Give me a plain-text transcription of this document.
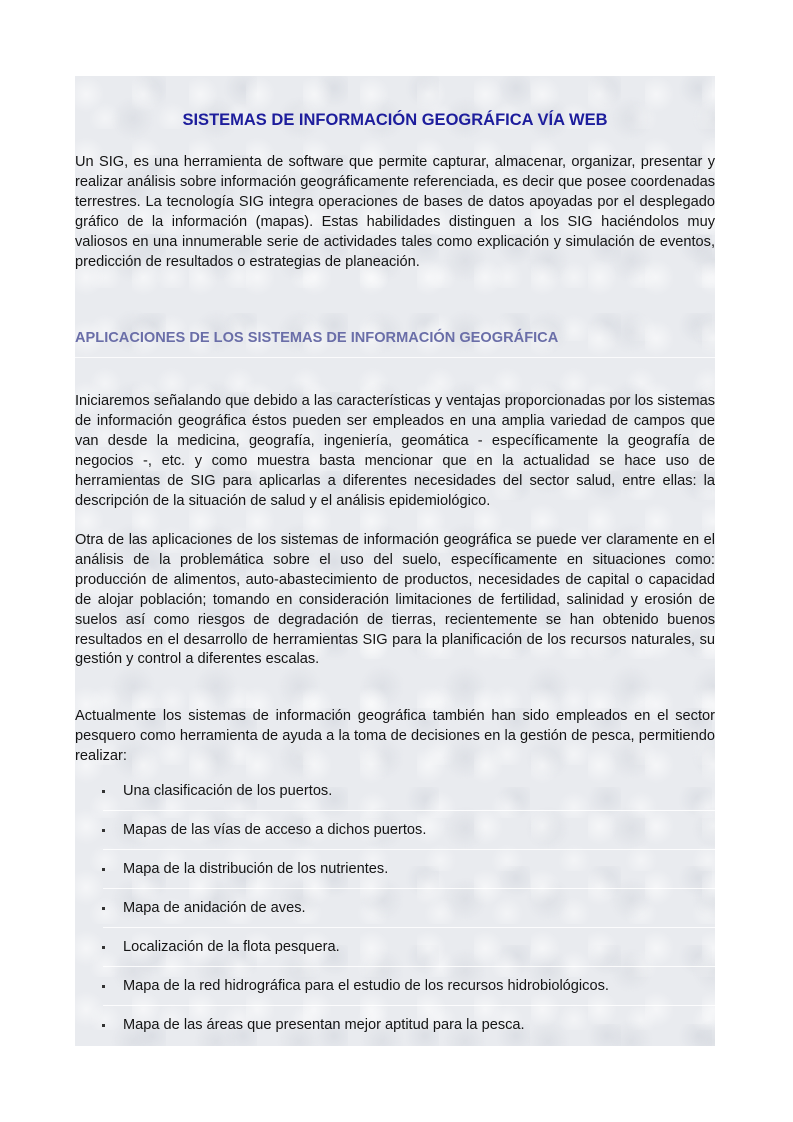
SISTEMAS DE INFORMACIÓN GEOGRÁFICA VÍA WEB

Un SIG, es una herramienta de software que permite capturar, almacenar, organizar, presentar y realizar análisis sobre información geográficamente referenciada, es decir que posee coordenadas terrestres. La tecnología SIG integra operaciones de bases de datos apoyadas por el desplegado gráfico de la información (mapas). Estas habilidades distinguen a los SIG haciéndolos muy valiosos en una innumerable serie de actividades tales como explicación y simulación de eventos, predicción de resultados o estrategias de planeación.

APLICACIONES DE LOS SISTEMAS DE INFORMACIÓN GEOGRÁFICA

Iniciaremos señalando que debido a las características y ventajas proporcionadas por los sistemas de información geográfica éstos pueden ser empleados en una amplia variedad de campos que van desde la medicina, geografía, ingeniería, geomática - específicamente la geografía de negocios -, etc. y como muestra basta mencionar que en la actualidad se hace uso de herramientas de SIG para aplicarlas a diferentes necesidades del sector salud, entre ellas: la descripción de la situación de salud y el análisis epidemiológico.

Otra de las aplicaciones de los sistemas de información geográfica se puede ver claramente en el análisis de la problemática sobre el uso del suelo, específicamente en situaciones como: producción de alimentos, auto-abastecimiento de productos, necesidades de capital o capacidad de alojar población; tomando en consideración limitaciones de fertilidad, salinidad y erosión de suelos así como riesgos de degradación de tierras, recientemente se han obtenido buenos resultados en el desarrollo de herramientas SIG para la planificación de los recursos naturales, su gestión y control a diferentes escalas.

Actualmente los sistemas de información geográfica también han sido empleados en el sector pesquero como herramienta de ayuda a la toma de decisiones en la gestión de pesca, permitiendo realizar:

Una clasificación de los puertos.
Mapas de las vías de acceso a dichos puertos.
Mapa de la distribución de los nutrientes.
Mapa de anidación de aves.
Localización de la flota pesquera.
Mapa de la red hidrográfica para el estudio de los recursos hidrobiológicos.
Mapa de las áreas que presentan mejor aptitud para la pesca.
